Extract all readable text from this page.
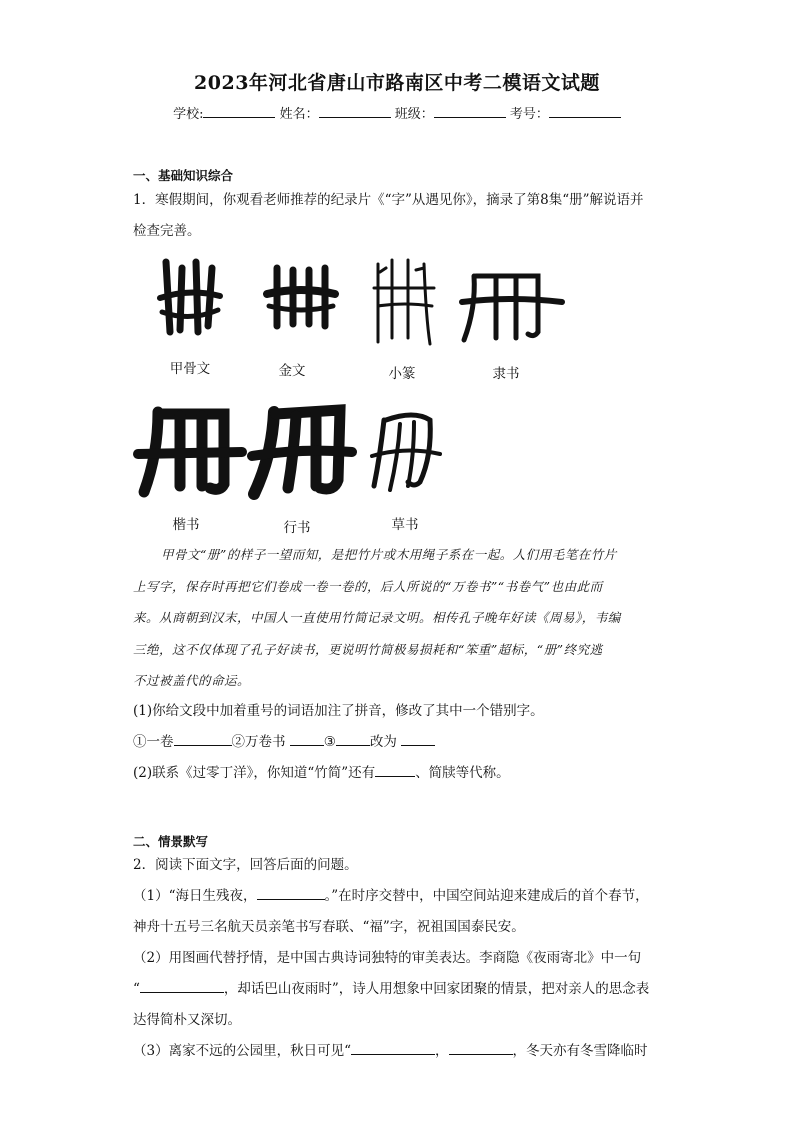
2023年河北省唐山市路南区中考二模语文试题
学校:	姓名：	班级：	考号：
一、基础知识综合
1．寒假期间，你观看老师推荐的纪录片《“字”从遇见你》，摘录了第8集“册”解说语并
检查完善。
甲骨文	金文	小篆	隶书
楷书	行书	草书
甲骨文“册”的样子一望而知，是把竹片或木用绳子系在一起。人们用毛笔在竹片
上写字，保存时再把它们卷成一卷一卷的，后人所说的“万卷书”“书卷气”也由此而
来。从商朝到汉末，中国人一直使用竹简记录文明。相传孔子晚年好读《周易》，韦编
三绝，这不仅体现了孔子好读书，更说明竹简极易损耗和“笨重”超标，“册”终究逃
不过被盖代的命运。
(1)你给文段中加着重号的词语加注了拼音，修改了其中一个错别字。
①一卷	②万卷书	③	改为
(2)联系《过零丁洋》，你知道“竹简”还有	、简牍等代称。
二、情景默写
2．阅读下面文字，回答后面的问题。
（1）“海日生残夜，	。”在时序交替中，中国空间站迎来建成后的首个春节，
神舟十五号三名航天员亲笔书写春联、“福”字，祝祖国国泰民安。
（2）用图画代替抒情，是中国古典诗词独特的审美表达。李商隐《夜雨寄北》中一句
“	，却话巴山夜雨时”，诗人用想象中回家团聚的情景，把对亲人的思念表
达得简朴又深切。
（3）离家不远的公园里，秋日可见“	，	，冬天亦有冬雪降临时
